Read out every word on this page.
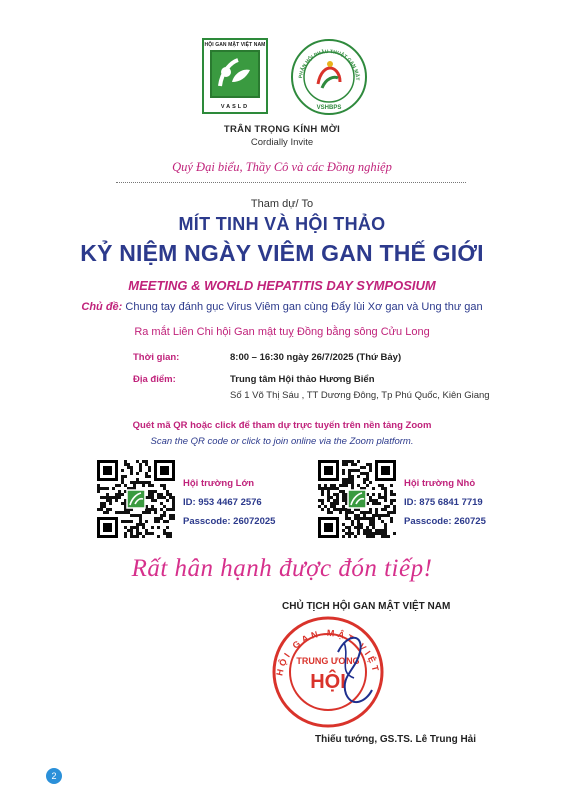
HỘI GAN MẬT VIỆT NAM
VASLD
PHÂN HỘI PHẪU THUẬT GAN MẬT
VSHBPS
TRÂN TRỌNG KÍNH MỜI
Cordially Invite
Quý Đại biểu, Thầy Cô và các Đồng nghiệp
Tham dự/ To
MÍT TINH VÀ HỘI THẢO
KỶ NIỆM NGÀY VIÊM GAN THẾ GIỚI
MEETING & WORLD HEPATITIS DAY SYMPOSIUM
Chủ đề: Chung tay đánh gục Virus Viêm gan cùng Đẩy lùi Xơ gan và Ung thư gan
Ra mắt Liên Chi hội Gan mật tuỵ Đồng bằng sông Cửu Long
Thời gian:	8:00 – 16:30 ngày 26/7/2025 (Thứ Bảy)
Địa điểm:	Trung tâm Hội thảo Hương Biển
Số 1 Võ Thị Sáu , TT Dương Đông, Tp Phú Quốc, Kiên Giang
Quét mã QR hoặc click để tham dự trực tuyến trên nền tảng Zoom
Scan the QR code or click to join online via the Zoom platform.
Hội trường Lớn
ID: 953 4467 2576
Passcode: 26072025
Hội trường Nhỏ
ID: 875 6841 7719
Passcode: 260725
Rất hân hạnh được đón tiếp!
CHỦ TỊCH HỘI GAN MẬT VIỆT NAM
HỘI GAN MẬT VIỆT
TRUNG ƯƠNG
HỘI
Thiếu tướng, GS.TS. Lê Trung Hải
2
